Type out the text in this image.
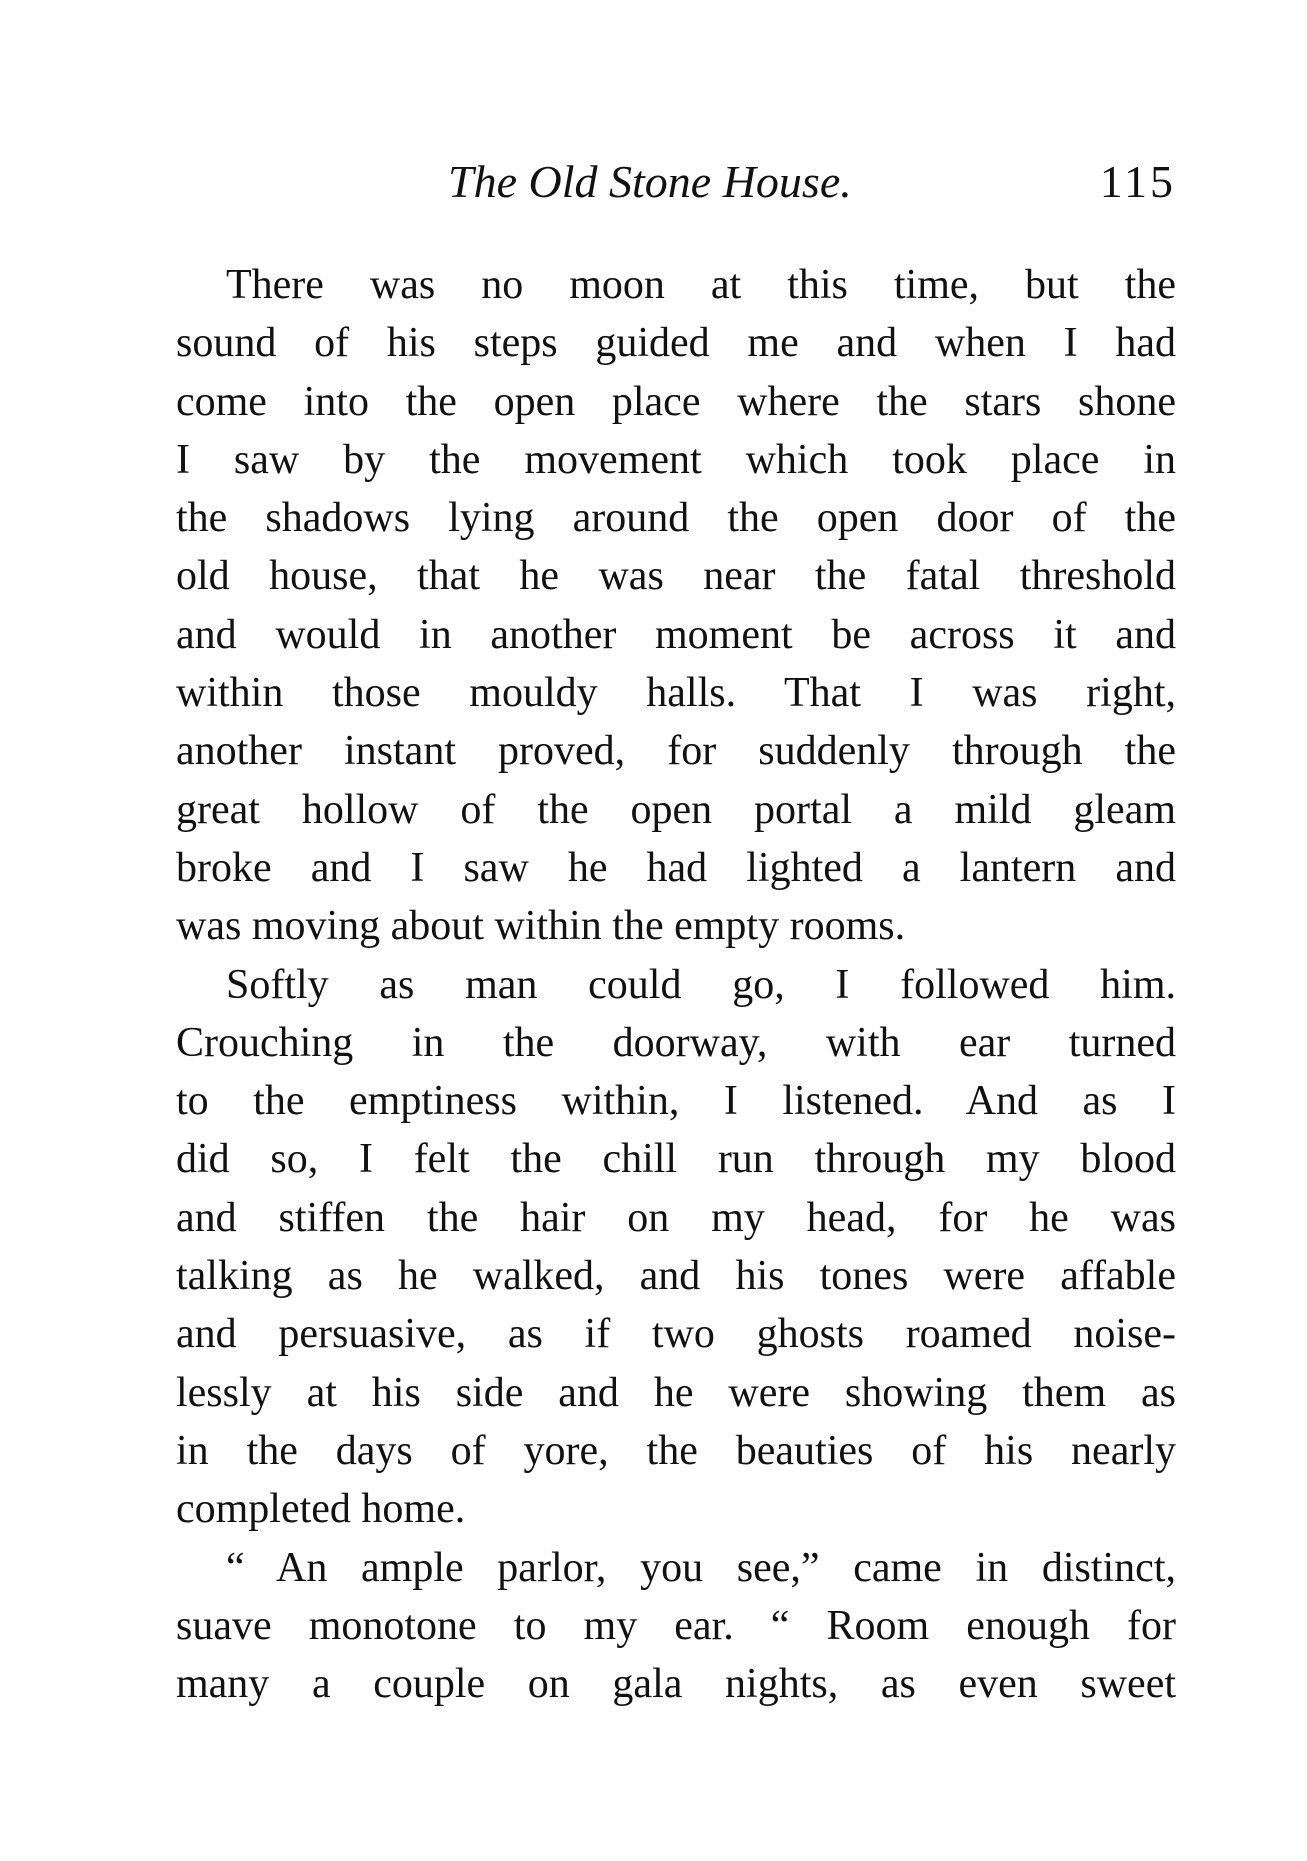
The Old Stone House.	115
There was no moon at this time, but the
sound of his steps guided me and when I had
come into the open place where the stars shone
I saw by the movement which took place in
the shadows lying around the open door of the
old house, that he was near the fatal threshold
and would in another moment be across it and
within those mouldy halls. That I was right,
another instant proved, for suddenly through the
great hollow of the open portal a mild gleam
broke and I saw he had lighted a lantern and
was moving about within the empty rooms.
Softly as man could go, I followed him.
Crouching in the doorway, with ear turned
to the emptiness within, I listened. And as I
did so, I felt the chill run through my blood
and stiffen the hair on my head, for he was
talking as he walked, and his tones were affable
and persuasive, as if two ghosts roamed noise-
lessly at his side and he were showing them as
in the days of yore, the beauties of his nearly
completed home.
“ An ample parlor, you see,” came in distinct,
suave monotone to my ear. “ Room enough for
many a couple on gala nights, as even sweet
